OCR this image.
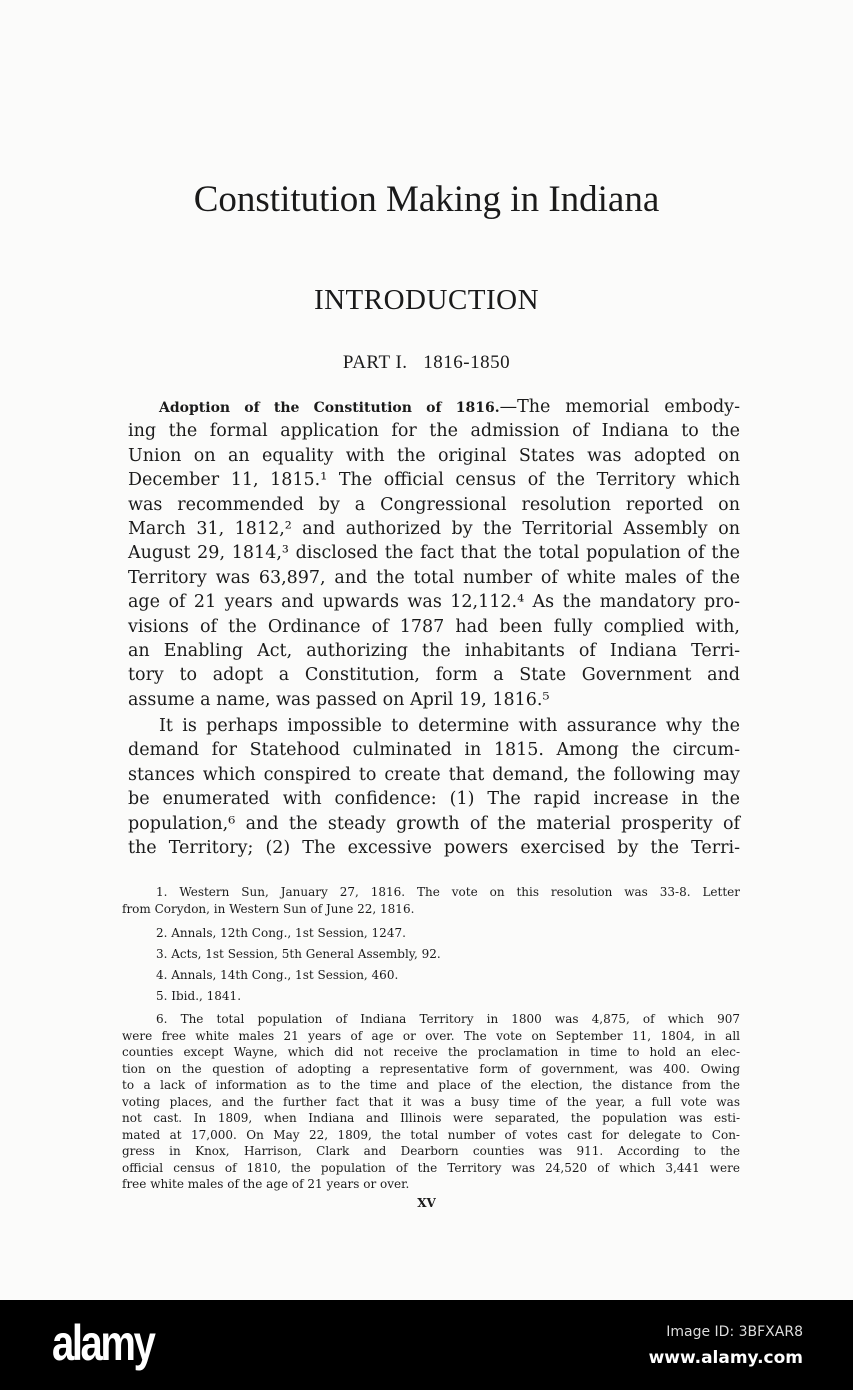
Constitution Making in Indiana
INTRODUCTION
PART I.   1816-1850
Adoption of the Constitution of 1816.—The memorial embody-
ing the formal application for the admission of Indiana to the
Union on an equality with the original States was adopted on
December 11, 1815.¹ The official census of the Territory which
was recommended by a Congressional resolution reported on
March 31, 1812,² and authorized by the Territorial Assembly on
August 29, 1814,³ disclosed the fact that the total population of the
Territory was 63,897, and the total number of white males of the
age of 21 years and upwards was 12,112.⁴ As the mandatory pro-
visions of the Ordinance of 1787 had been fully complied with,
an Enabling Act, authorizing the inhabitants of Indiana Terri-
tory to adopt a Constitution, form a State Government and
assume a name, was passed on April 19, 1816.⁵
It is perhaps impossible to determine with assurance why the
demand for Statehood culminated in 1815. Among the circum-
stances which conspired to create that demand, the following may
be enumerated with confidence: (1) The rapid increase in the
population,⁶ and the steady growth of the material prosperity of
the Territory; (2) The excessive powers exercised by the Terri-
1. Western Sun, January 27, 1816. The vote on this resolution was 33-8. Letter
from Corydon, in Western Sun of June 22, 1816.
2. Annals, 12th Cong., 1st Session, 1247.
3. Acts, 1st Session, 5th General Assembly, 92.
4. Annals, 14th Cong., 1st Session, 460.
5. Ibid., 1841.
6. The total population of Indiana Territory in 1800 was 4,875, of which 907
were free white males 21 years of age or over. The vote on September 11, 1804, in all
counties except Wayne, which did not receive the proclamation in time to hold an elec-
tion on the question of adopting a representative form of government, was 400. Owing
to a lack of information as to the time and place of the election, the distance from the
voting places, and the further fact that it was a busy time of the year, a full vote was
not cast. In 1809, when Indiana and Illinois were separated, the population was esti-
mated at 17,000. On May 22, 1809, the total number of votes cast for delegate to Con-
gress in Knox, Harrison, Clark and Dearborn counties was 911. According to the
official census of 1810, the population of the Territory was 24,520 of which 3,441 were
free white males of the age of 21 years or over.
XV
alamy	Image ID: 3BFXAR8
www.alamy.com
